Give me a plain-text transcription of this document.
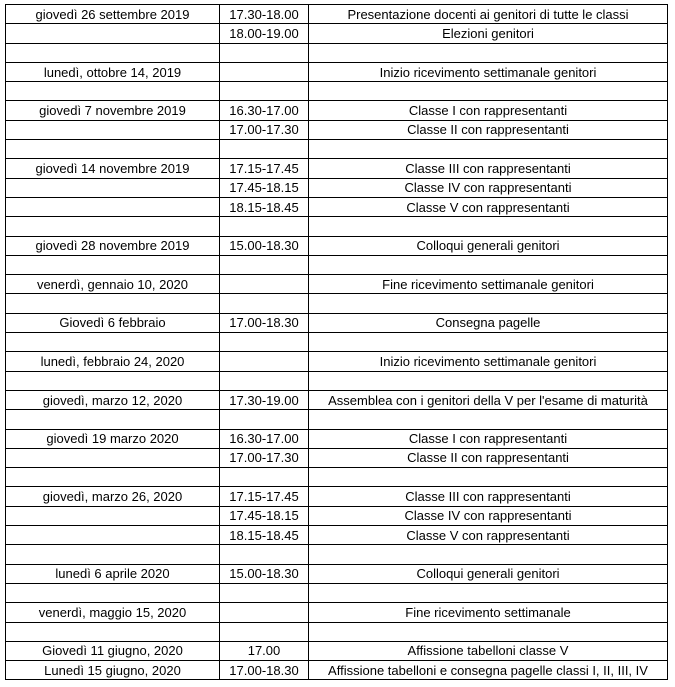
giovedì 26 settembre 2019	17.30-18.00	Presentazione docenti ai genitori di tutte le classi
	18.00-19.00	Elezioni genitori

lunedì, ottobre 14, 2019		Inizio ricevimento settimanale genitori

giovedì 7 novembre 2019	16.30-17.00	Classe I con rappresentanti
	17.00-17.30	Classe II con rappresentanti

giovedì 14 novembre 2019	17.15-17.45	Classe III con rappresentanti
	17.45-18.15	Classe IV con rappresentanti
	18.15-18.45	Classe V con rappresentanti

giovedì 28 novembre 2019	15.00-18.30	Colloqui generali genitori

venerdì, gennaio 10, 2020		Fine ricevimento settimanale genitori

Giovedì 6 febbraio	17.00-18.30	Consegna pagelle

lunedì, febbraio 24, 2020		Inizio ricevimento settimanale genitori

giovedì, marzo 12, 2020	17.30-19.00	Assemblea con i genitori della V per l'esame di maturità

giovedì 19 marzo 2020	16.30-17.00	Classe I con rappresentanti
	17.00-17.30	Classe II con rappresentanti

giovedì, marzo 26, 2020	17.15-17.45	Classe III con rappresentanti
	17.45-18.15	Classe IV con rappresentanti
	18.15-18.45	Classe V con rappresentanti

lunedì 6 aprile 2020	15.00-18.30	Colloqui generali genitori

venerdì, maggio 15, 2020		Fine ricevimento settimanale

Giovedì 11 giugno, 2020	17.00	Affissione tabelloni classe V
Lunedì 15 giugno, 2020	17.00-18.30	Affissione tabelloni e consegna pagelle classi I, II, III, IV
